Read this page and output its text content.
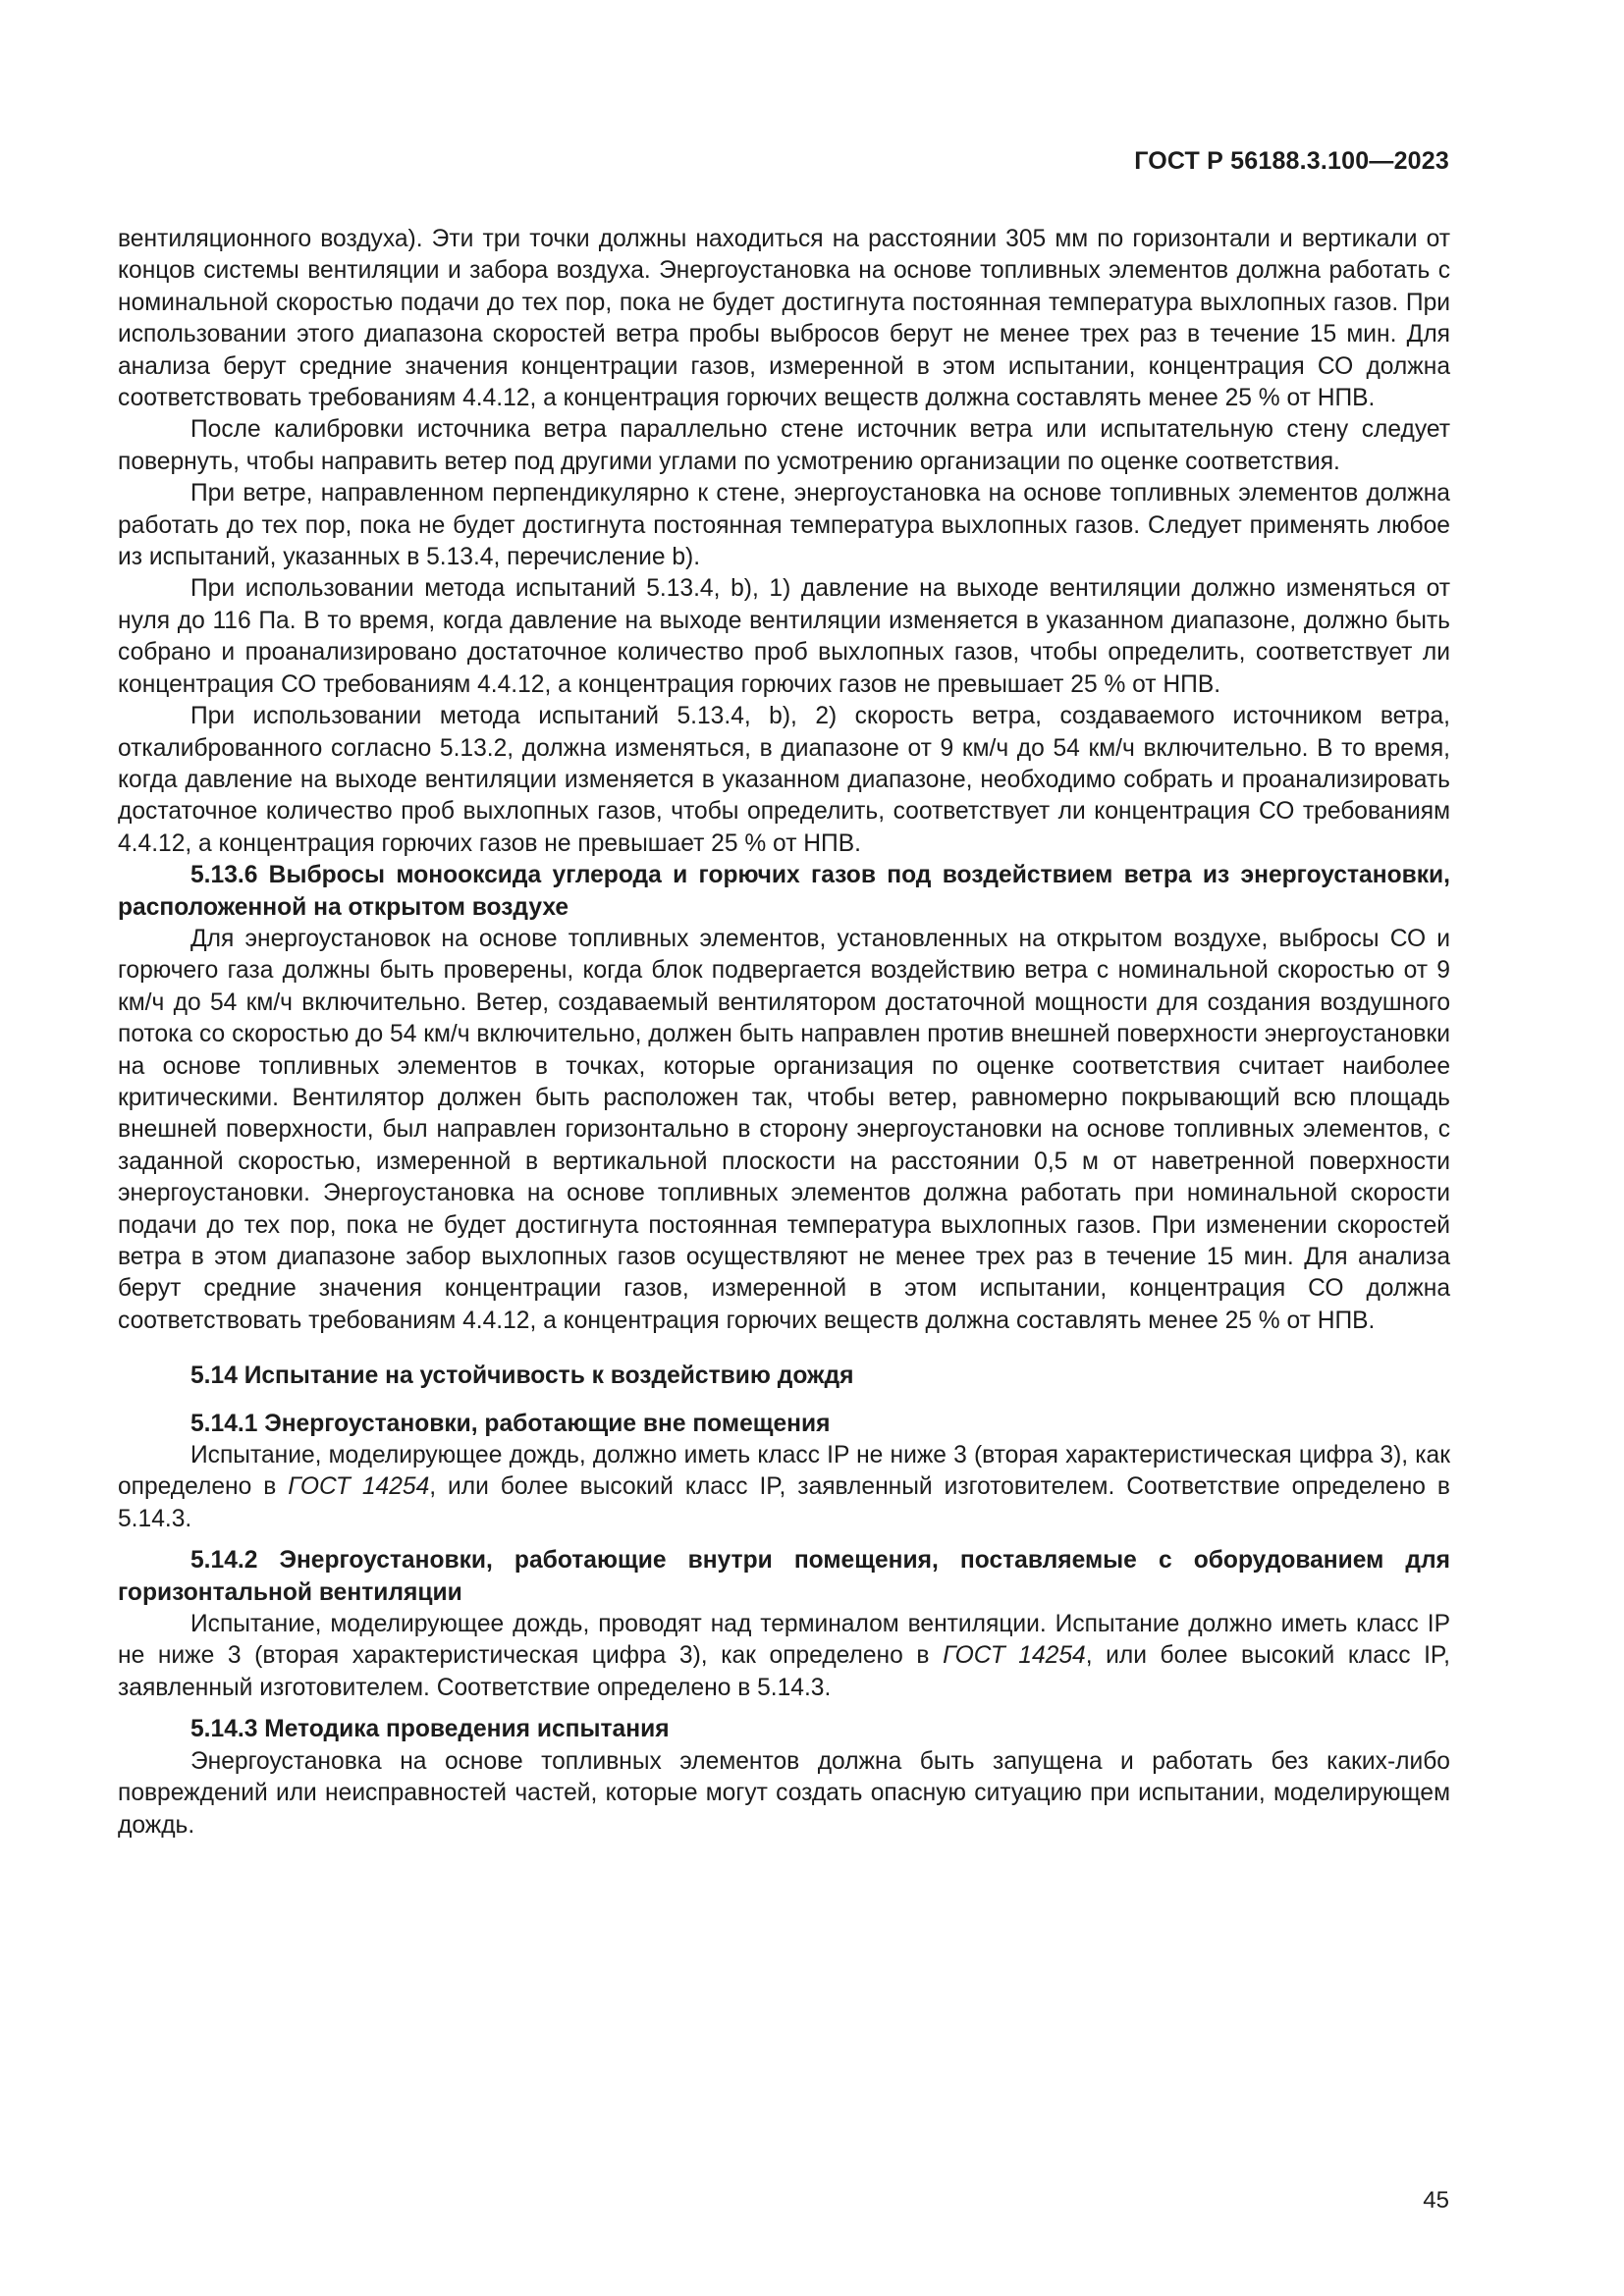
ГОСТ Р 56188.3.100—2023

вентиляционного воздуха). Эти три точки должны находиться на расстоянии 305 мм по горизонтали и вертикали от концов системы вентиляции и забора воздуха. Энергоустановка на основе топливных элементов должна работать с номинальной скоростью подачи до тех пор, пока не будет достигнута постоянная температура выхлопных газов. При использовании этого диапазона скоростей ветра пробы выбросов берут не менее трех раз в течение 15 мин. Для анализа берут средние значения концентрации газов, измеренной в этом испытании, концентрация СО должна соответствовать требованиям 4.4.12, а концентрация горючих веществ должна составлять менее 25 % от НПВ.

После калибровки источника ветра параллельно стене источник ветра или испытательную стену следует повернуть, чтобы направить ветер под другими углами по усмотрению организации по оценке соответствия.

При ветре, направленном перпендикулярно к стене, энергоустановка на основе топливных элементов должна работать до тех пор, пока не будет достигнута постоянная температура выхлопных газов. Следует применять любое из испытаний, указанных в 5.13.4, перечисление b).

При использовании метода испытаний 5.13.4, b), 1) давление на выходе вентиляции должно изменяться от нуля до 116 Па. В то время, когда давление на выходе вентиляции изменяется в указанном диапазоне, должно быть собрано и проанализировано достаточное количество проб выхлопных газов, чтобы определить, соответствует ли концентрация СО требованиям 4.4.12, а концентрация горючих газов не превышает 25 % от НПВ.

При использовании метода испытаний 5.13.4, b), 2) скорость ветра, создаваемого источником ветра, откалиброванного согласно 5.13.2, должна изменяться, в диапазоне от 9 км/ч до 54 км/ч включительно. В то время, когда давление на выходе вентиляции изменяется в указанном диапазоне, необходимо собрать и проанализировать достаточное количество проб выхлопных газов, чтобы определить, соответствует ли концентрация СО требованиям 4.4.12, а концентрация горючих газов не превышает 25 % от НПВ.

5.13.6 Выбросы монооксида углерода и горючих газов под воздействием ветра из энергоустановки, расположенной на открытом воздухе

Для энергоустановок на основе топливных элементов, установленных на открытом воздухе, выбросы СО и горючего газа должны быть проверены, когда блок подвергается воздействию ветра с номинальной скоростью от 9 км/ч до 54 км/ч включительно. Ветер, создаваемый вентилятором достаточной мощности для создания воздушного потока со скоростью до 54 км/ч включительно, должен быть направлен против внешней поверхности энергоустановки на основе топливных элементов в точках, которые организация по оценке соответствия считает наиболее критическими. Вентилятор должен быть расположен так, чтобы ветер, равномерно покрывающий всю площадь внешней поверхности, был направлен горизонтально в сторону энергоустановки на основе топливных элементов, с заданной скоростью, измеренной в вертикальной плоскости на расстоянии 0,5 м от наветренной поверхности энергоустановки. Энергоустановка на основе топливных элементов должна работать при номинальной скорости подачи до тех пор, пока не будет достигнута постоянная температура выхлопных газов. При изменении скоростей ветра в этом диапазоне забор выхлопных газов осуществляют не менее трех раз в течение 15 мин. Для анализа берут средние значения концентрации газов, измеренной в этом испытании, концентрация СО должна соответствовать требованиям 4.4.12, а концентрация горючих веществ должна составлять менее 25 % от НПВ.

5.14 Испытание на устойчивость к воздействию дождя

5.14.1 Энергоустановки, работающие вне помещения

Испытание, моделирующее дождь, должно иметь класс IP не ниже 3 (вторая характеристическая цифра 3), как определено в ГОСТ 14254, или более высокий класс IP, заявленный изготовителем. Соответствие определено в 5.14.3.

5.14.2 Энергоустановки, работающие внутри помещения, поставляемые с оборудованием для горизонтальной вентиляции

Испытание, моделирующее дождь, проводят над терминалом вентиляции. Испытание должно иметь класс IP не ниже 3 (вторая характеристическая цифра 3), как определено в ГОСТ 14254, или более высокий класс IP, заявленный изготовителем. Соответствие определено в 5.14.3.

5.14.3 Методика проведения испытания

Энергоустановка на основе топливных элементов должна быть запущена и работать без каких-либо повреждений или неисправностей частей, которые могут создать опасную ситуацию при испытании, моделирующем дождь.

45
